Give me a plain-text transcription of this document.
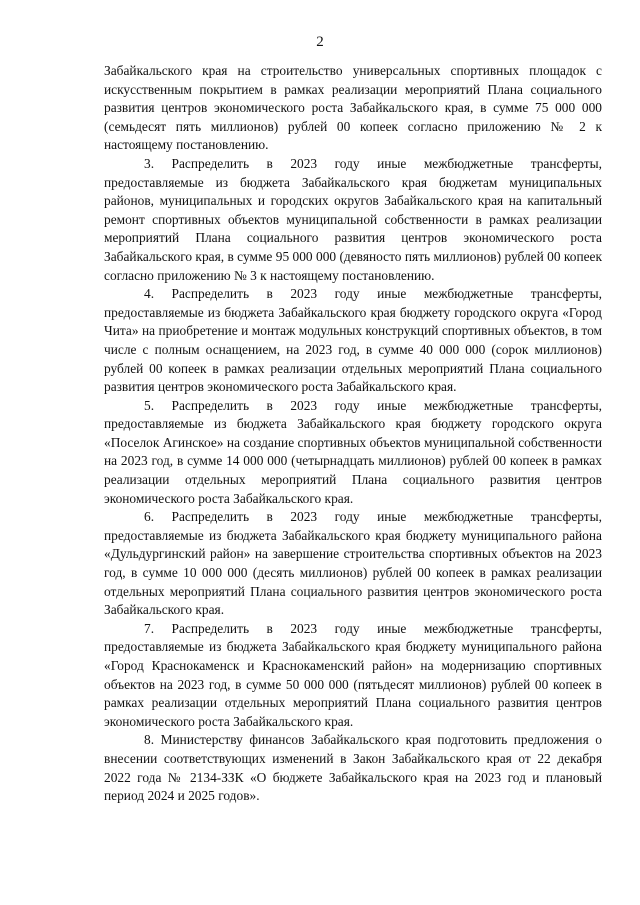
2

Забайкальского края на строительство универсальных спортивных площадок с искусственным покрытием в рамках реализации мероприятий Плана социального развития центров экономического роста Забайкальского края, в сумме 75 000 000 (семьдесят пять миллионов) рублей 00 копеек согласно приложению № 2 к настоящему постановлению.

3. Распределить в 2023 году иные межбюджетные трансферты, предоставляемые из бюджета Забайкальского края бюджетам муниципальных районов, муниципальных и городских округов Забайкальского края на капитальный ремонт спортивных объектов муниципальной собственности в рамках реализации мероприятий Плана социального развития центров экономического роста Забайкальского края, в сумме 95 000 000 (девяносто пять миллионов) рублей 00 копеек согласно приложению № 3 к настоящему постановлению.

4. Распределить в 2023 году иные межбюджетные трансферты, предоставляемые из бюджета Забайкальского края бюджету городского округа «Город Чита» на приобретение и монтаж модульных конструкций спортивных объектов, в том числе с полным оснащением, на 2023 год, в сумме 40 000 000 (сорок миллионов) рублей 00 копеек в рамках реализации отдельных мероприятий Плана социального развития центров экономического роста Забайкальского края.

5. Распределить в 2023 году иные межбюджетные трансферты, предоставляемые из бюджета Забайкальского края бюджету городского округа «Поселок Агинское» на создание спортивных объектов муниципальной собственности на 2023 год, в сумме 14 000 000 (четырнадцать миллионов) рублей 00 копеек в рамках реализации отдельных мероприятий Плана социального развития центров экономического роста Забайкальского края.

6. Распределить в 2023 году иные межбюджетные трансферты, предоставляемые из бюджета Забайкальского края бюджету муниципального района «Дульдургинский район» на завершение строительства спортивных объектов на 2023 год, в сумме 10 000 000 (десять миллионов) рублей 00 копеек в рамках реализации отдельных мероприятий Плана социального развития центров экономического роста Забайкальского края.

7. Распределить в 2023 году иные межбюджетные трансферты, предоставляемые из бюджета Забайкальского края бюджету муниципального района «Город Краснокаменск и Краснокаменский район» на модернизацию спортивных объектов на 2023 год, в сумме 50 000 000 (пятьдесят миллионов) рублей 00 копеек в рамках реализации отдельных мероприятий Плана социального развития центров экономического роста Забайкальского края.

8. Министерству финансов Забайкальского края подготовить предложения о внесении соответствующих изменений в Закон Забайкальского края от 22 декабря 2022 года № 2134-ЗЗК «О бюджете Забайкальского края на 2023 год и плановый период 2024 и 2025 годов».
